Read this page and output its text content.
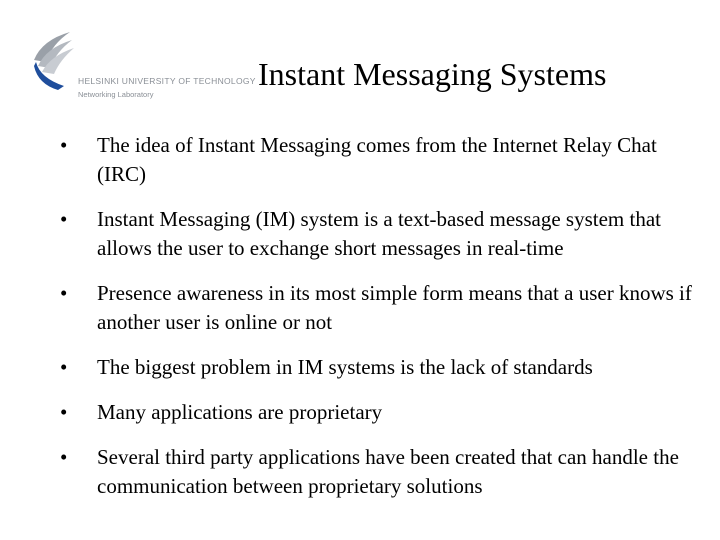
HELSINKI UNIVERSITY OF TECHNOLOGY
Networking Laboratory
Instant Messaging Systems
• The idea of Instant Messaging comes from the Internet Relay Chat (IRC)
• Instant Messaging (IM) system is a text-based message system that allows the user to exchange short messages in real-time
• Presence awareness in its most simple form means that a user knows if another user is online or not
• The biggest problem in IM systems is the lack of standards
• Many applications are proprietary
• Several third party applications have been created that can handle the communication between proprietary solutions
